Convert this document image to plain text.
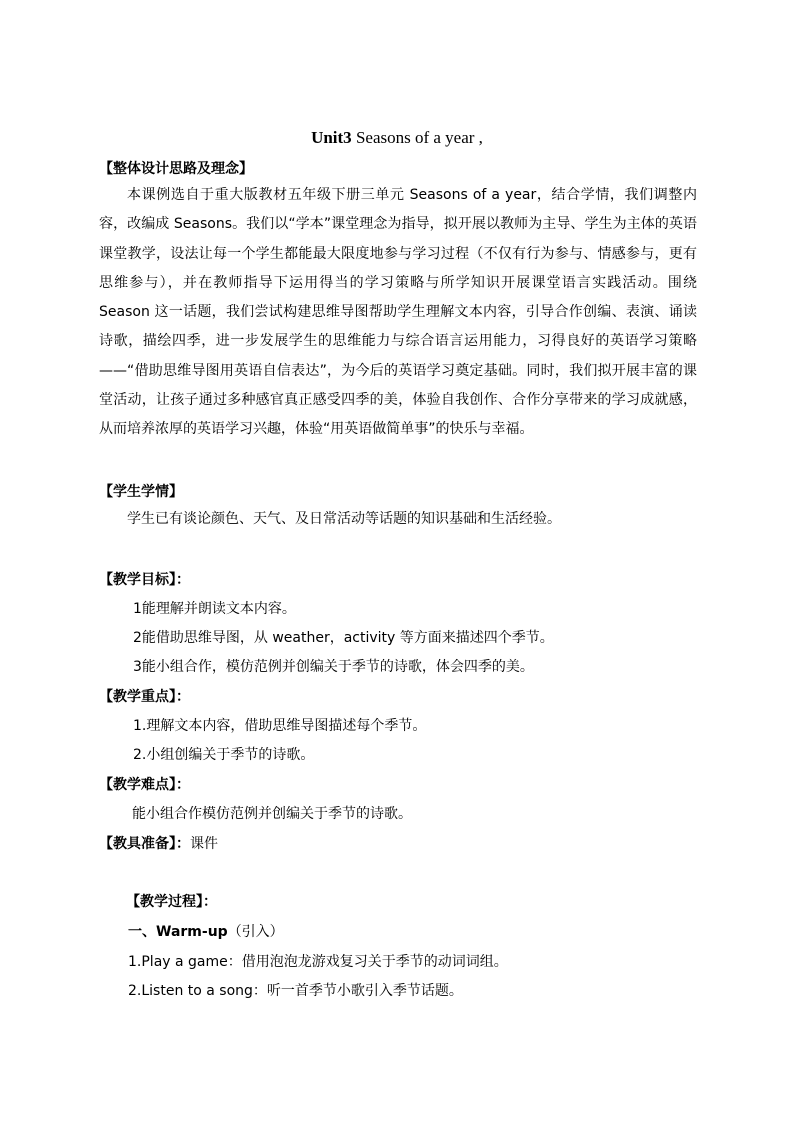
Unit3 Seasons of a year ,
【整体设计思路及理念】
本课例选自于重大版教材五年级下册三单元 Seasons of a year，结合学情，我们调整内容，改编成 Seasons。我们以“学本”课堂理念为指导，拟开展以教师为主导、学生为主体的英语课堂教学，设法让每一个学生都能最大限度地参与学习过程（不仅有行为参与、情感参与，更有思维参与），并在教师指导下运用得当的学习策略与所学知识开展课堂语言实践活动。围绕 Season 这一话题，我们尝试构建思维导图帮助学生理解文本内容，引导合作创编、表演、诵读诗歌，描绘四季，进一步发展学生的思维能力与综合语言运用能力，习得良好的英语学习策略——“借助思维导图用英语自信表达”，为今后的英语学习奠定基础。同时，我们拟开展丰富的课堂活动，让孩子通过多种感官真正感受四季的美，体验自我创作、合作分享带来的学习成就感，从而培养浓厚的英语学习兴趣，体验“用英语做简单事”的快乐与幸福。
【学生学情】
学生已有谈论颜色、天气、及日常活动等话题的知识基础和生活经验。
【教学目标】：
1能理解并朗读文本内容。
2能借助思维导图，从 weather，activity 等方面来描述四个季节。
3能小组合作，模仿范例并创编关于季节的诗歌，体会四季的美。
【教学重点】：
1.理解文本内容，借助思维导图描述每个季节。
2.小组创编关于季节的诗歌。
【教学难点】：
能小组合作模仿范例并创编关于季节的诗歌。
【教具准备】：课件
【教学过程】：
一、Warm-up（引入）
1.Play a game：借用泡泡龙游戏复习关于季节的动词词组。
2.Listen to a song：听一首季节小歌引入季节话题。
